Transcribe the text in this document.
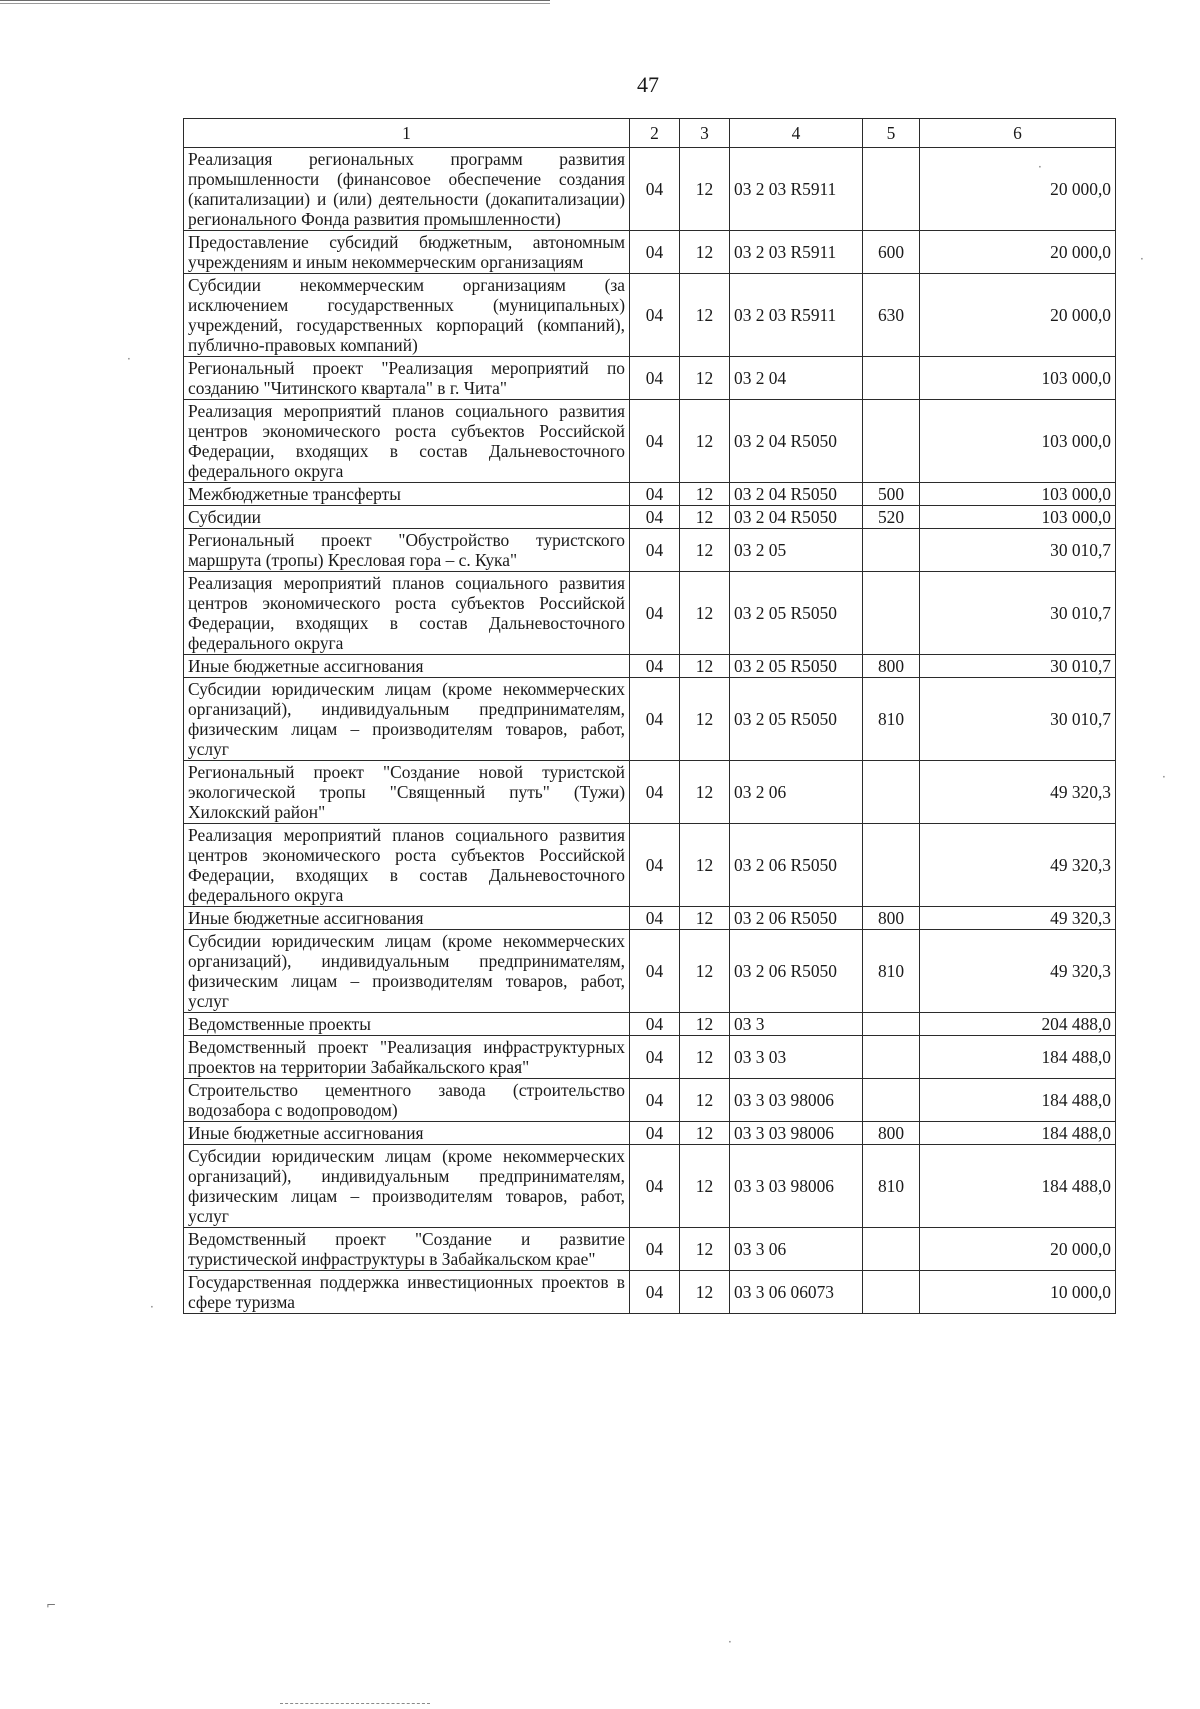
47
1	2	3	4	5	6
Реализация региональных программ развития промышленности (финансовое обеспечение создания (капитализации) и (или) деятельности (докапитализации) регионального Фонда развития промышленности)	04	12	03 2 03 R5911		20 000,0
Предоставление субсидий бюджетным, автономным учреждениям и иным некоммерческим организациям	04	12	03 2 03 R5911	600	20 000,0
Субсидии некоммерческим организациям (за исключением государственных (муниципальных) учреждений, государственных корпораций (компаний), публично-правовых компаний)	04	12	03 2 03 R5911	630	20 000,0
Региональный проект "Реализация мероприятий по созданию "Читинского квартала" в г. Чита"	04	12	03 2 04		103 000,0
Реализация мероприятий планов социального развития центров экономического роста субъектов Российской Федерации, входящих в состав Дальневосточного федерального округа	04	12	03 2 04 R5050		103 000,0
Межбюджетные трансферты	04	12	03 2 04 R5050	500	103 000,0
Субсидии	04	12	03 2 04 R5050	520	103 000,0
Региональный проект "Обустройство туристского маршрута (тропы) Кресловая гора – с. Кука"	04	12	03 2 05		30 010,7
Реализация мероприятий планов социального развития центров экономического роста субъектов Российской Федерации, входящих в состав Дальневосточного федерального округа	04	12	03 2 05 R5050		30 010,7
Иные бюджетные ассигнования	04	12	03 2 05 R5050	800	30 010,7
Субсидии юридическим лицам (кроме некоммерческих организаций), индивидуальным предпринимателям, физическим лицам – производителям товаров, работ, услуг	04	12	03 2 05 R5050	810	30 010,7
Региональный проект "Создание новой туристской экологической тропы "Священный путь" (Тужи) Хилокский район"	04	12	03 2 06		49 320,3
Реализация мероприятий планов социального развития центров экономического роста субъектов Российской Федерации, входящих в состав Дальневосточного федерального округа	04	12	03 2 06 R5050		49 320,3
Иные бюджетные ассигнования	04	12	03 2 06 R5050	800	49 320,3
Субсидии юридическим лицам (кроме некоммерческих организаций), индивидуальным предпринимателям, физическим лицам – производителям товаров, работ, услуг	04	12	03 2 06 R5050	810	49 320,3
Ведомственные проекты	04	12	03 3		204 488,0
Ведомственный проект "Реализация инфраструктурных проектов на территории Забайкальского края"	04	12	03 3 03		184 488,0
Строительство цементного завода (строительство водозабора с водопроводом)	04	12	03 3 03 98006		184 488,0
Иные бюджетные ассигнования	04	12	03 3 03 98006	800	184 488,0
Субсидии юридическим лицам (кроме некоммерческих организаций), индивидуальным предпринимателям, физическим лицам – производителям товаров, работ, услуг	04	12	03 3 03 98006	810	184 488,0
Ведомственный проект "Создание и развитие туристической инфраструктуры в Забайкальском крае"	04	12	03 3 06		20 000,0
Государственная поддержка инвестиционных проектов в сфере туризма	04	12	03 3 06 06073		10 000,0
·
·
·
·
·
⌐
·
